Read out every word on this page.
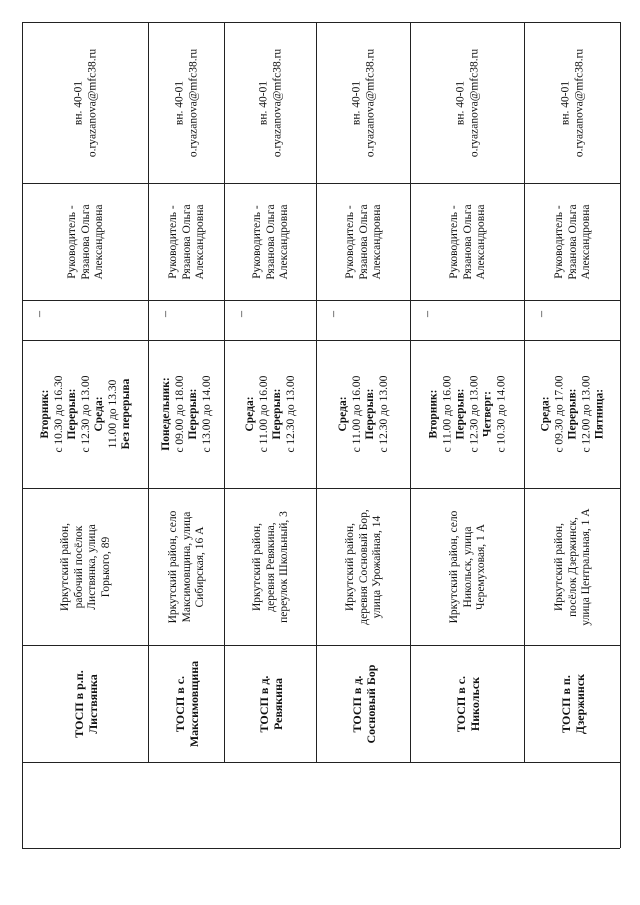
вн. 40-01 o.ryazanova@mfc38.ru
Руководитель - Рязанова Ольга Александровна
–
Вторник: с 10.30 до 16.30 Перерыв: с 12.30 до 13.00 Среда: 11.00 до 13.30 Без перерыва
Иркутский район, рабочий посёлок Листвянка, улица Горького, 89
ТОСП в р.п. Листвянка
вн. 40-01 o.ryazanova@mfc38.ru
Руководитель - Рязанова Ольга Александровна
–
Понедельник: с 09.00 до 18.00 Перерыв: с 13.00 до 14.00
Иркутский район, село Максимовщина, улица Сибирская, 16 А
ТОСП в с. Максимовщина
вн. 40-01 o.ryazanova@mfc38.ru
Руководитель - Рязанова Ольга Александровна
–
Среда: с 11.00 до 16.00 Перерыв: с 12.30 до 13.00
Иркутский район, деревня Ревякина, переулок Школьный, 3
ТОСП в д. Ревякина
вн. 40-01 o.ryazanova@mfc38.ru
Руководитель - Рязанова Ольга Александровна
–
Среда: с 11.00 до 16.00 Перерыв: с 12.30 до 13.00
Иркутский район, деревня Сосновый Бор, улица Урожайная, 14
ТОСП в д. Сосновый Бор
вн. 40-01 o.ryazanova@mfc38.ru
Руководитель - Рязанова Ольга Александровна
–
Вторник: с 11.00 до 16.00 Перерыв: с 12.30 до 13.00 Четверг: с 10.30 до 14.00
Иркутский район, село Никольск, улица Черемуховая, 1 А
ТОСП в с. Никольск
вн. 40-01 o.ryazanova@mfc38.ru
Руководитель - Рязанова Ольга Александровна
–
Среда: с 09.30 до 17.00 Перерыв: с 12.00 до 13.00 Пятница:
Иркутский район, посёлок Дзержинск, улица Центральная, 1 А
ТОСП в п. Дзержинск
